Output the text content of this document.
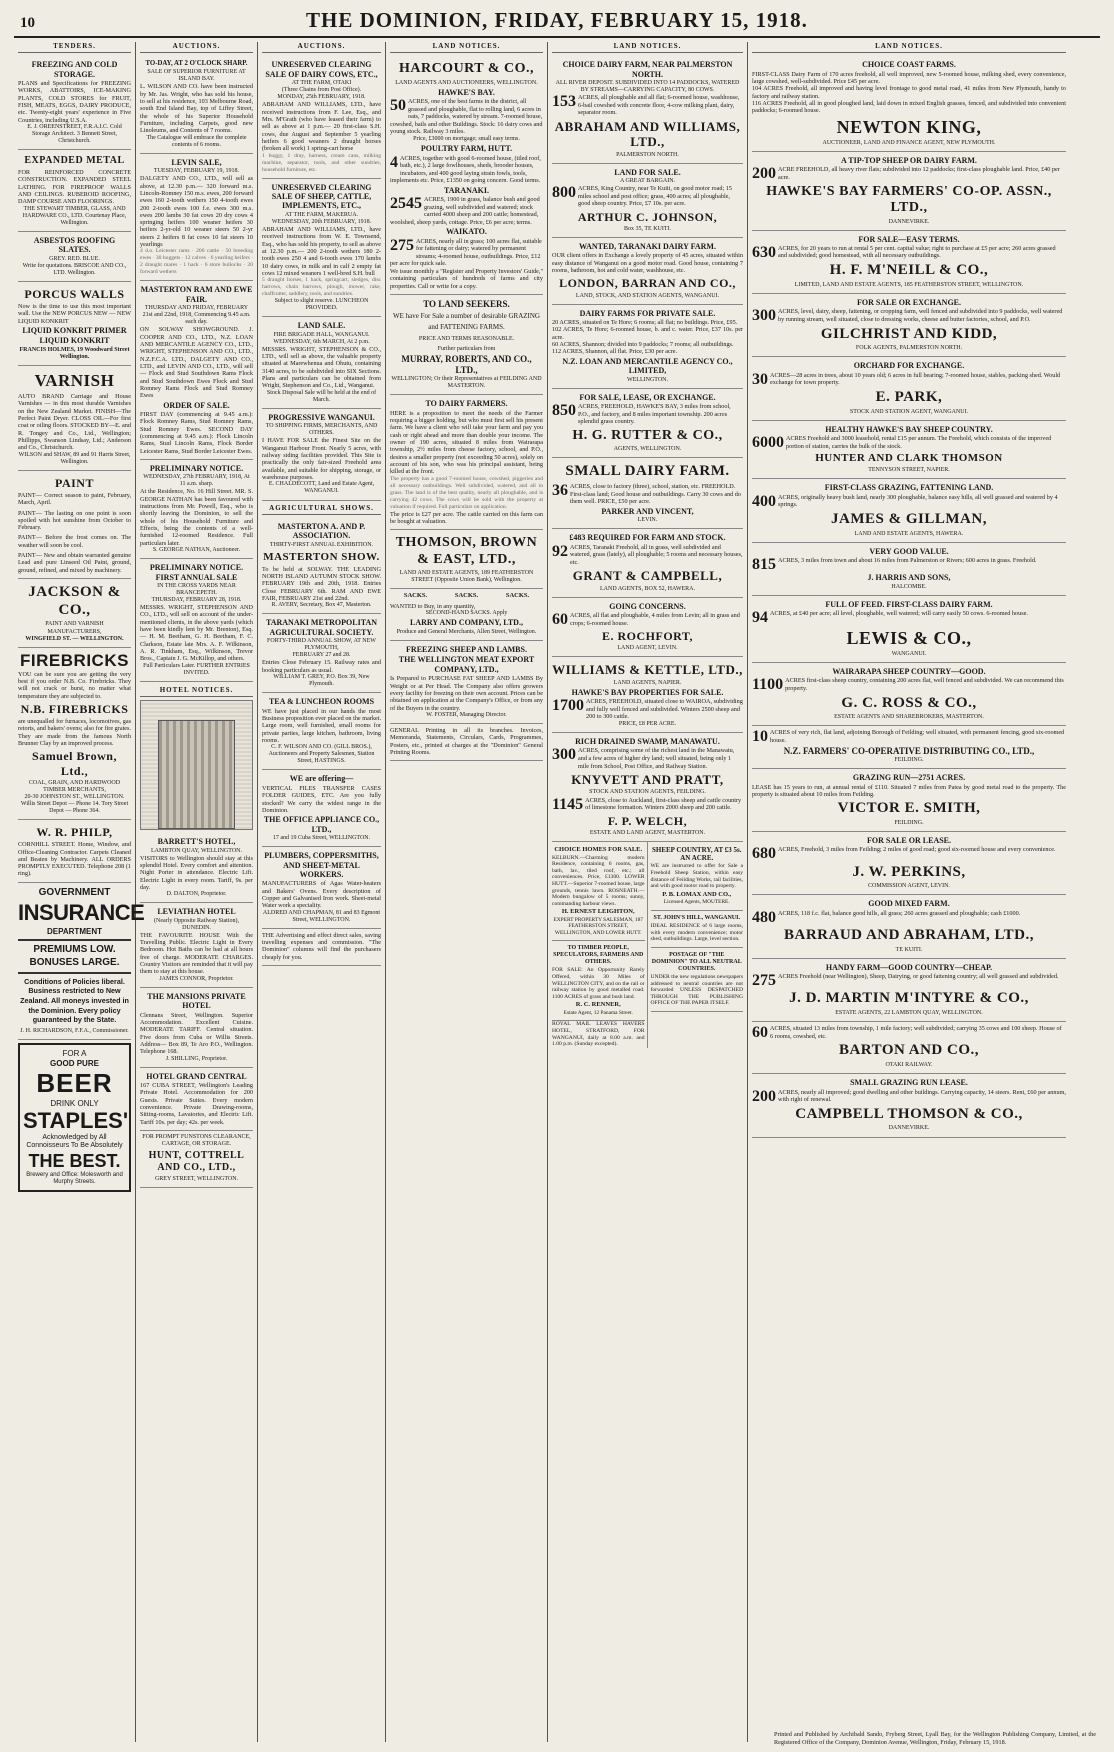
10	THE DOMINION, FRIDAY, FEBRUARY 15, 1918.
TENDERS.
FREEZING AND COLD STORAGE.
PLANS and Specifications for FREEZING WORKS, ABATTOIRS, ICE-MAKING PLANTS, COLD STORES for FRUIT, FISH, MEATS, EGGS, DAIRY PRODUCE, etc. Twenty-eight years' experience in Five Countries, including U.S.A.
E. J. OREENSTREET, F.R.A.I.C. Cold Storage Architect. 3 Bennett Street, Christchurch.
EXPANDED METAL
FOR REINFORCED CONCRETE CONSTRUCTION. EXPANDED STEEL LATHING. FOR FIREPROOF WALLS AND CEILINGS. RUBEROID ROOFING, DAMP COURSE AND FLOORINGS.
THE STEWART TIMBER, GLASS, AND HARDWARE CO., LTD. Courtenay Place, Wellington.
ASBESTOS ROOFING SLATES.
GREY. RED. BLUE.
Write for quotations. BRISCOE AND CO., LTD. Wellington.
PORCUS WALLS
Now is the time to use this most important wall. Use the NEW PORCUS NEW — NEW LIQUID KONKRIT
LIQUID KONKRIT PRIMER
LIQUID KONKRIT
FRANCIS HOLMES, 19 Woodward Street Wellington.
VARNISH
AUTO BRAND Carriage and House Varnishes — in this most durable Varnishes on the New Zealand Market. FINISH—The Perfect Paint Dryer. CLOSS OIL—For first coat or oiling floors. STOCKED BY—E. and R. Tongey and Co., Ltd., Wellington; Phillipps, Swanson Lindsay, Ltd.; Anderson and Co., Christchurch.
WILSON and SHAW, 89 and 91 Harris Street, Wellington.
PAINT
PAINT— Correct season to paint, February, March, April.
PAINT— The lasting on one point is soon spoiled with hot sunshine from October to February.
PAINT— Before the frost comes on. The weather will soon be cool.
PAINT— New and obtain warranted genuine Lead and pure Linseed Oil Paint, ground, ground, refined, and mixed by machinery.
JACKSON & CO.,
PAINT AND VARNISH MANUFACTURERS,
WINGFIELD ST. — WELLINGTON.
FIREBRICKS
YOU can be sure you are getting the very best if you order N.B. Co. Firebricks. They will not crack or burst, no matter what temperature they are subjected to.
N.B. FIREBRICKS
are unequalled for furnaces, locomotives, gas retorts, and bakers' ovens; also for fire grates. They are made from the famous North Brunner Clay by an improved process.
Samuel Brown, Ltd.,
COAL, GRAIN, AND HARDWOOD TIMBER MERCHANTS,
20-30 JOHNSTON ST., WELLINGTON. Willis Street Depot — Phone 14. Tory Street Depot — Phone 364.
W. R. PHILP,
CORNHILL STREET. Home, Window, and Office-Cleaning Contractor. Carpets Cleaned and Beaten by Machinery. ALL ORDERS PROMPTLY EXECUTED. Telephone 208 (1 ring).
GOVERNMENT
INSURANCE
DEPARTMENT
PREMIUMS LOW.
BONUSES LARGE.
Conditions of Policies liberal. Business restricted to New Zealand. All moneys invested in the Dominion. Every policy guaranteed by the State.
J. H. RICHARDSON, F.F.A., Commissioner.
FOR A
GOOD PURE
BEER
DRINK ONLY
STAPLES'
Acknowledged by All Connoisseurs To Be Absolutely
THE BEST.
Brewery and Office: Molesworth and Murphy Streets.
AUCTIONS.
TO-DAY, AT 2 O'CLOCK SHARP.
SALE OF SUPERIOR FURNITURE AT ISLAND BAY.
L. WILSON AND CO. have been instructed by Mr. Jas. Wright, who has sold his house, to sell at his residence, 103 Melbourne Road, south End Island Bay, top of Liffey Street, the whole of his Superior Household Furniture, including Carpets, good new Linoleums, and Contents of 7 rooms.
The Catalogue will embrace the complete contents of 6 rooms.
LEVIN SALE,
TUESDAY, FEBRUARY 19, 1918.
DALGETY AND CO., LTD., will sell as above, at 12.30 p.m.— 320 forward m.s. Lincoln-Romney 150 m.s. ewes, 200 forward ewes 160 2-tooth wethers 150 4-tooth ewes 200 2-tooth ewes 100 f.e. ewes 300 m.s. ewes 200 lambs 30 fat cows 20 dry cows 4 springing heifers 100 weaner heifers 30 heifers 2-yr-old 10 weaner steers 50 2-yr steers 2 heifers 8 fat cows 10 fat steers 10 yearlings
4 d.o. Leicester rams · 200 cattle · 50 breeding ewes · 30 hoggets · 12 calves · 6 yearling heifers · 2 draught mares · 1 hack · 6 store bullocks · 20 forward wethers
MASTERTON RAM AND EWE FAIR.
THURSDAY AND FRIDAY, FEBRUARY 21st and 22nd, 1918, Commencing 9.45 a.m. each day.
ON SOLWAY SHOWGROUND. J. COOPER AND CO., LTD., N.Z. LOAN AND MERCANTILE AGENCY CO., LTD., WRIGHT, STEPHENSON AND CO., LTD., N.Z.F.C.A. LTD., DALGETY AND CO., LTD., and LEVIN AND CO., LTD., will sell— Flock and Stud Southdown Rams Flock and Stud Southdown Ewes Flock and Stud Romney Rams Flock and Stud Romney Ewes
ORDER OF SALE.
FIRST DAY (commencing at 9.45 a.m.): Flock Romney Rams, Stud Romney Rams, Stud Romney Ewes. SECOND DAY (commencing at 9.45 a.m.): Flock Lincoln Rams, Stud Lincoln Rams, Flock Border Leicester Rams, Stud Border Leicester Ewes.
PRELIMINARY NOTICE.
WEDNESDAY, 27th FEBRUARY, 1918, At 11 a.m. sharp.
At the Residence, No. 16 Hill Street. MR. S. GEORGE NATHAN has been favoured with instructions from Mr. Powell, Esq., who is shortly leaving the Dominion, to sell the whole of his Household Furniture and Effects, being the contents of a well-furnished 12-roomed Residence. Full particulars later.
S. GEORGE NATHAN, Auctioneer.
PRELIMINARY NOTICE. FIRST ANNUAL SALE
IN THE CROSS YARDS NEAR BRANCEPETH.
THURSDAY, FEBRUARY 28, 1918.
MESSRS. WRIGHT, STEPHENSON AND CO., LTD., will sell on account of the under-mentioned clients, in the above yards (which have been kindly lent by Mr. Brenton), Esq.— H. M. Beetham, G. H. Beetham, F. C. Clarkson, Estate late Mrs. A. F. Wilkinson, A. R. Tinkham, Esq., Wilkinson, Trevor Bros., Captain J. G. McKillop, and others.
Full Particulars Later. FURTHER ENTRIES INVITED.
HOTEL NOTICES.
BARRETT'S HOTEL,
LAMBTON QUAY, WELLINGTON.
VISITORS to Wellington should stay at this splendid Hotel. Every comfort and attention. Night Porter in attendance. Electric Lift. Electric Light in every room. Tariff, 9s. per day.
D. DALTON, Proprietor.
LEVIATHAN HOTEL
(Nearly Opposite Railway Station), DUNEDIN.
THE FAVOURITE HOUSE With the Travelling Public. Electric Light in Every Bedroom. Hot Baths can be had at all hours free of charge. MODERATE CHARGES. Country Visitors are reminded that it will pay them to stay at this house.
JAMES CONNOR, Proprietor.
THE MANSIONS PRIVATE HOTEL
Clennans Street, Wellington. Superior Accommodation. Excellent Cuisine. MODERATE TARIFF. Central situation. Five doors from Cuba or Willis Streets. Address— Box 89, Te Aro P.O., Wellington. Telephone 168.
J. SHILLING, Proprietor.
HOTEL GRAND CENTRAL
167 CUBA STREET, Wellington's Leading Private Hotel. Accommodation for 200 Guests. Private Suites. Every modern convenience. Private Drawing-rooms, Sitting-rooms, Lavatories, and Electric Lift. Tariff 10s. per day; 42s. per week.
FOR PROMPT FUNSTONS CLEARANCE, CARTAGE, OR STORAGE.
HUNT, COTTRELL AND CO., LTD.,
GREY STREET, WELLINGTON.
AUCTIONS.
UNRESERVED CLEARING SALE OF DAIRY COWS, ETC.,
AT THE FARM, OTAKI
(Three Chains from Post Office).
MONDAY, 25th FEBRUARY, 1918.
ABRAHAM AND WILLIAMS, LTD., have received instructions from F. Lee, Esq., and Mrs. M'Grath (who have leased their farm) to sell as above at 1 p.m.— 20 first-class S.H. cows, due August and September 5 yearling heifers 6 good weaners 2 draught horses (broken all work) 1 spring-cart horse
1 buggy, 1 dray, harness, cream cans, milking machine, separator, tools, and other sundries, household furniture, etc.
UNRESERVED CLEARING SALE OF SHEEP, CATTLE, IMPLEMENTS, ETC.,
AT THE FARM, MAKERUA.
WEDNESDAY, 20th FEBRUARY, 1918.
ABRAHAM AND WILLIAMS, LTD., have received instructions from W. E. Townsend, Esq., who has sold his property, to sell as above at 12.30 p.m.— 200 2-tooth wethers 180 2-tooth ewes 250 4 and 6-tooth ewes 170 lambs 10 dairy cows, in milk and in calf 2 empty fat cows 12 mixed weaners 1 well-bred S.H. bull
5 draught horses, 1 hack, springcart, sledges, disc harrows, chain harrows, plough, mower, rake, chaffcutter, saddlery, tools, and sundries.
Subject to slight reserve. LUNCHEON PROVIDED.
LAND SALE.
FIRE BRIGADE HALL, WANGANUI.
WEDNESDAY, 6th MARCH, At 2 p.m.
MESSRS. WRIGHT, STEPHENSON & CO., LTD., will sell as above, the valuable property situated at Marewhenua and Ohutu, containing 3140 acres, to be subdivided into SIX Sections. Plans and particulars can be obtained from Wright, Stephenson and Co., Ltd., Wanganui.
Stock Disposal Sale will be held at the end of March.
PROGRESSIVE WANGANUI.
TO SHIPPING FIRMS, MERCHANTS, AND OTHERS.
I HAVE FOR SALE the Finest Site on the Wanganui Harbour Front. Nearly 5 acres, with railway siding facilities provided. This Site is practically the only fair-sized Freehold area available, and suitable for shipping, storage, or warehouse purposes.
E. CHALDECOTT, Land and Estate Agent, WANGANUI.
AGRICULTURAL SHOWS.
MASTERTON A. AND P. ASSOCIATION.
THIRTY-FIRST ANNUAL EXHIBITION.
MASTERTON SHOW.
To be held at SOLWAY. THE LEADING NORTH ISLAND AUTUMN STOCK SHOW. FEBRUARY 19th and 20th, 1918. Entries Close FEBRUARY 6th. RAM AND EWE FAIR, FEBRUARY 21st and 22nd.
R. AVERY, Secretary, Box 47, Masterton.
TARANAKI METROPOLITAN AGRICULTURAL SOCIETY.
FORTY-THIRD ANNUAL SHOW, AT NEW PLYMOUTH,
FEBRUARY 27 and 28.
Entries Close February 15. Railway rates and booking particulars as usual.
WILLIAM T. GREY, P.O. Box 39, New Plymouth.
TEA & LUNCHEON ROOMS
WE have just placed in our hands the most Business proposition ever placed on the market. Large room, well furnished, small rooms for private parties, large kitchen, bathroom, living rooms.
C. F. WILSON AND CO. (GILL BROS.), Auctioneers and Property Salesmen, Station Street, HASTINGS.
WE are offering—
VERTICAL FILES TRANSFER CASES FOLDER GUIDES, ETC. Are you fully stocked? We carry the widest range in the Dominion.
THE OFFICE APPLIANCE CO., LTD.,
17 and 19 Cuba Street, WELLINGTON.
PLUMBERS, COPPERSMITHS, AND SHEET-METAL WORKERS.
MANUFACTURERS of Agas Water-heaters and Bakers' Ovens. Every description of Copper and Galvanised Iron work. Sheet-metal Water work a speciality.
ALDRED AND CHAPMAN, 81 and 83 Egmont Street, WELLINGTON.
THE Advertising and effect direct sales, saving travelling expenses and commission. "The Dominion" columns will find the purchasers cheaply for you.
LAND NOTICES.
HARCOURT & CO.,
LAND AGENTS AND AUCTIONEERS, WELLINGTON.
HAWKE'S BAY.
50 ACRES, one of the best farms in the district, all grassed and ploughable, flat to rolling land, 6 acres in oats, 7 paddocks, watered by stream. 7-roomed house, cowshed, bails and other Buildings. Stock: 16 dairy cows and young stock. Railway 3 miles.
Price, £3000 on mortgage; small easy terms.
POULTRY FARM, HUTT.
4 ACRES, together with good 6-roomed house, (tiled roof, bath, etc.), 2 large fowlhouses, sheds, brooder houses, incubators, and 400 good laying strain fowls, tools, implements etc. Price, £1350 on going concern. Good terms.
TARANAKI.
2545 ACRES, 1900 in grass, balance bush and good grazing, well subdivided and watered; stock carried 4000 sheep and 200 cattle; homestead, woolshed, sheep yards, cottage. Price, £6 per acre; terms.
WAIKATO.
275 ACRES, nearly all in grass; 100 acres flat, suitable for fattening or dairy; watered by permanent streams; 4-roomed house, outbuildings. Price, £12 per acre for quick sale.
We issue monthly a "Register and Property Investors' Guide," containing particulars of hundreds of farms and city properties. Call or write for a copy.
TO LAND SEEKERS.
WE have For Sale a number of desirable GRAZING and FATTENING FARMS.
PRICE AND TERMS REASONABLE.
Further particulars from
MURRAY, ROBERTS, AND CO., LTD.,
WELLINGTON; Or their Representatives at FEILDING AND MASTERTON.
TO DAIRY FARMERS.
HERE is a proposition to meet the needs of the Farmer requiring a bigger holding, but who must first sell his present farm. We have a client who will take your farm and pay you cash or right ahead and more than double your income. The owner of 190 acres, situated 8 miles from Wairarapa township, 2½ miles from cheese factory, school, and P.O., desires a smaller property (not exceeding 50 acres), solely on account of his son, who was his principal assistant, being killed at the front.
The property has a good 7-roomed house, cowshed, piggeries and all necessary outbuildings. Well subdivided, watered, and all in grass. The land is of the best quality, nearly all ploughable, and is carrying 42 cows. The cows will be sold with the property at valuation if required. Full particulars on application.
The price is £27 per acre. The cattle carried on this farm can be bought at valuation.
THOMSON, BROWN & EAST, LTD.,
LAND AND ESTATE AGENTS, 189 FEATHERSTON STREET (Opposite Union Bank), Wellington.
SACKS.	SACKS.	SACKS.
WANTED to Buy, in any quantity,
SECOND-HAND SACKS. Apply
LARRY AND COMPANY, LTD.,
Produce and General Merchants, Allen Street, Wellington.
FREEZING SHEEP AND LAMBS.
THE WELLINGTON MEAT EXPORT COMPANY, LTD.,
Is Prepared to PURCHASE FAT SHEEP AND LAMBS By Weight or at Per Head. The Company also offers growers every facility for freezing on their own account. Prices can be obtained on application at the Company's Office, or from any of the Buyers in the country.
W. FOSTER, Managing Director.
GENERAL Printing in all its branches. Invoices, Memoranda, Statements, Circulars, Cards, Programmes, Posters, etc., printed at charges at the "Dominion" General Printing Rooms.
LAND NOTICES.
CHOICE DAIRY FARM, NEAR PALMERSTON NORTH.
ALL RIVER DEPOSIT. SUBDIVIDED INTO 14 PADDOCKS, WATERED BY STREAMS—CARRYING CAPACITY, 80 COWS.
153 ACRES, all ploughable and all flat; 6-roomed house, washhouse, 6-bail cowshed with concrete floor, 4-cow milking plant, dairy, separator room.
ABRAHAM AND WILLIAMS, LTD.,
PALMERSTON NORTH.
LAND FOR SALE.
A GREAT BARGAIN.
800 ACRES, King Country, near Te Kuiti, on good motor road; 15 miles school and post office; grass, 400 acres; all ploughable, good sheep country. Price, £7 10s. per acre.
ARTHUR C. JOHNSON,
Box 35, TE KUITI.
WANTED, TARANAKI DAIRY FARM.
OUR client offers in Exchange a lovely property of 45 acres, situated within easy distance of Wanganui on a good motor road. Good house, containing 7 rooms, bathroom, hot and cold water, washhouse, etc.
LONDON, BARRAN AND CO.,
LAND, STOCK, AND STATION AGENTS, WANGANUI.
DAIRY FARMS FOR PRIVATE SALE.
20 ACRES, situated on Te Hore; 6 rooms; all flat; no buildings. Price, £95.
102 ACRES, Te Hore; 6-roomed house, b. and c. water. Price, £37 10s. per acre.
60 ACRES, Shannon; divided into 9 paddocks; 7 rooms; all outbuildings.
112 ACRES, Shannon, all flat. Price, £30 per acre.
N.Z. LOAN AND MERCANTILE AGENCY CO., LIMITED,
WELLINGTON.
FOR SALE, LEASE, OR EXCHANGE.
850 ACRES, FREEHOLD, HAWKE'S BAY, 3 miles from school, P.O., and factory, and 8 miles important township. 200 acres splendid grass country.
H. G. RUTTER & CO.,
AGENTS, WELLINGTON.
SMALL DAIRY FARM.
36 ACRES, close to factory (three), school, station, etc. FREEHOLD. First-class land; Good house and outbuildings. Carry 30 cows and do them well. PRICE, £50 per acre.
PARKER AND VINCENT,
LEVIN.
£483 REQUIRED FOR FARM AND STOCK.
92 ACRES, Taranaki Freehold, all in grass, well subdivided and watered, grass (lately), all ploughable; 5 rooms and necessary houses, etc.
GRANT & CAMPBELL,
LAND AGENTS, BOX 52, HAWERA.
GOING CONCERNS.
60 ACRES, all flat and ploughable, 4 miles from Levin; all in grass and crops; 6-roomed house.
E. ROCHFORT,
LAND AGENT, LEVIN.
WILLIAMS & KETTLE, LTD.,
LAND AGENTS, NAPIER.
HAWKE'S BAY PROPERTIES FOR SALE.
1700 ACRES, FREEHOLD, situated close to WAIROA, subdividing and fully well fenced and subdivided. Winters 2500 sheep and 200 to 300 cattle.
PRICE, £8 PER ACRE.
RICH DRAINED SWAMP, MANAWATU.
300 ACRES, comprising some of the richest land in the Manawatu, and a few acres of higher dry land; well situated, being only 1 mile from School, Post Office, and Railway Station.
KNYVETT AND PRATT,
STOCK AND STATION AGENTS, FEILDING.
1145 ACRES, close to Auckland, first-class sheep and cattle country of limestone formation. Winters 2000 sheep and 200 cattle.
F. P. WELCH,
ESTATE AND LAND AGENT, MASTERTON.
CHOICE HOMES FOR SALE.
KELBURN.—Charming modern Residence, containing 6 rooms, gas, bath, lav., tiled roof, etc.; all conveniences. Price, £1300. LOWER HUTT.—Superior 7-roomed house, large grounds, tennis lawn. ROSNEATH.—Modern bungalow of 5 rooms; sunny, commanding harbour views.
H. ERNEST LEIGHTON,
EXPERT PROPERTY SALESMAN, 187 FEATHERSTON STREET, WELLINGTON, AND LOWER HUTT.
TO TIMBER PEOPLE, SPECULATORS, FARMERS AND OTHERS.
FOR SALE: An Opportunity Rarely Offered, within 30 Miles of WELLINGTON CITY, and on the rail or railway station by good metalled road. 1100 ACRES of grass and bush land.
R. C. RENNER,
Estate Agent, 12 Panama Street.
ROYAL MAIL LEAVES HAVERS HOTEL, STRATFORD, FOR WANGANUI, daily at 8.00 a.m. and 1.00 p.m. (Sunday excepted).
SHEEP COUNTRY, AT £3 5s. AN ACRE.
WE are instructed to offer for Sale a Freehold Sheep Station, within easy distance of Feilding Works, rail facilities, and with good motor road to property.
P. B. LOMAX AND CO.,
Licensed Agents, MOUTERE.
ST. JOHN'S HILL, WANGANUI.
IDEAL RESIDENCE of 6 large rooms, with every modern convenience; motor shed, outbuildings. Large, level section.
POSTAGE OF "THE DOMINION" TO ALL NEUTRAL COUNTRIES.
UNDER the new regulations newspapers addressed to neutral countries are not forwarded UNLESS DESPATCHED THROUGH THE PUBLISHING OFFICE OF THE PAPER ITSELF.
LAND NOTICES.
CHOICE COAST FARMS.
FIRST-CLASS Dairy Farm of 170 acres freehold, all well improved, new 5-roomed house, milking shed, every convenience, large cowshed, well-subdivided. Price £45 per acre.
104 ACRES Freehold, all improved and having level frontage to good metal road, 41 miles from New Plymouth, handy to factory and railway station.
116 ACRES Freehold, all in good ploughed land, laid down in mixed English grasses, fenced, and subdivided into convenient paddocks; 6-roomed house.
NEWTON KING,
AUCTIONEER, LAND AND FINANCE AGENT, NEW PLYMOUTH.
A TIP-TOP SHEEP OR DAIRY FARM.
200 ACRE FREEHOLD, all heavy river flats; subdivided into 12 paddocks; first-class ploughable land. Price, £40 per acre.
HAWKE'S BAY FARMERS' CO-OP. ASSN., LTD.,
DANNEVIRKE.
FOR SALE—EASY TERMS.
630 ACRES, for 20 years to run at rental 5 per cent. capital value; right to purchase at £5 per acre; 260 acres grassed and subdivided; good homestead, with all necessary outbuildings.
H. F. M'NEILL & CO.,
LIMITED, LAND AND ESTATE AGENTS, 185 FEATHERSTON STREET, WELLINGTON.
FOR SALE OR EXCHANGE.
300 ACRES, level, dairy, sheep, fattening, or cropping farm, well fenced and subdivided into 9 paddocks, well watered by running stream, well situated, close to dressing works, cheese and butter factories, school, and P.O.
GILCHRIST AND KIDD,
FOLK AGENTS, PALMERSTON NORTH.
ORCHARD FOR EXCHANGE.
30 ACRES—28 acres in trees, about 10 years old; 6 acres in full bearing; 7-roomed house, stables, packing shed. Would exchange for town property.
E. PARK,
STOCK AND STATION AGENT, WANGANUI.
HEALTHY HAWKE'S BAY SHEEP COUNTRY.
6000 ACRES Freehold and 3000 leasehold, rental £15 per annum. The Freehold, which consists of the improved portion of station, carries the bulk of the stock.
HUNTER AND CLARK THOMSON
TENNYSON STREET, NAPIER.
FIRST-CLASS GRAZING, FATTENING LAND.
400 ACRES, originally heavy bush land, nearly 300 ploughable, balance easy hills, all well grassed and watered by 4 springs.
JAMES & GILLMAN,
LAND AND ESTATE AGENTS, HAWERA.
VERY GOOD VALUE.
815 ACRES, 3 miles from town and about 16 miles from Palmerston or Rivers; 600 acres in grass. Freehold.
J. HARRIS AND SONS,
HALCOMBE.
FULL OF FEED. FIRST-CLASS DAIRY FARM.
94 ACRES, at £40 per acre; all level, ploughable, well watered; will carry easily 50 cows. 6-roomed house.
LEWIS & CO.,
WANGANUI.
WAIRARAPA SHEEP COUNTRY—GOOD.
1100 ACRES first-class sheep country, containing 200 acres flat, well fenced and subdivided. We can recommend this property.
G. C. ROSS & CO.,
ESTATE AGENTS AND SHAREBROKERS, MASTERTON.
10 ACRES of very rich, flat land, adjoining Borough of Feilding; well situated, with permanent fencing, good six-roomed house.
N.Z. FARMERS' CO-OPERATIVE DISTRIBUTING CO., LTD.,
FEILDING.
GRAZING RUN—2751 ACRES.
LEASE has 15 years to run, at annual rental of £110. Situated 7 miles from Patea by good metal road to the property. The property is situated about 10 miles from Feilding.
VICTOR E. SMITH,
FEILDING.
FOR SALE OR LEASE.
680 ACRES, Freehold, 3 miles from Feilding; 2 miles of good road; good six-roomed house and every convenience.
J. W. PERKINS,
COMMISSION AGENT, LEVIN.
GOOD MIXED FARM.
480 ACRES, 118 f.c. flat, balance good hills, all grass; 260 acres grassed and ploughable; cash £1000.
BARRAUD AND ABRAHAM, LTD.,
TE KUITI.
HANDY FARM—GOOD COUNTRY—CHEAP.
275 ACRES Freehold (near Wellington), Sheep, Dairying, or good fattening country; all well grassed and subdivided.
J. D. MARTIN M'INTYRE & CO.,
ESTATE AGENTS, 22 LAMBTON QUAY, WELLINGTON.
60 ACRES, situated 13 miles from township, 1 mile factory; well subdivided; carrying 35 cows and 100 sheep. House of 6 rooms, cowshed, etc.
BARTON AND CO.,
OTAKI RAILWAY.
SMALL GRAZING RUN LEASE.
200 ACRES, nearly all improved; good dwelling and other buildings. Carrying capacity, 14 steers. Rent, £60 per annum, with right of renewal.
CAMPBELL THOMSON & CO.,
DANNEVIRKE.
Printed and Published by Archibald Sando, Fryberg Street, Lyall Bay, for the Wellington Publishing Company, Limited, at the Registered Office of the Company, Dominion Avenue, Wellington, Friday, February 15, 1918.
